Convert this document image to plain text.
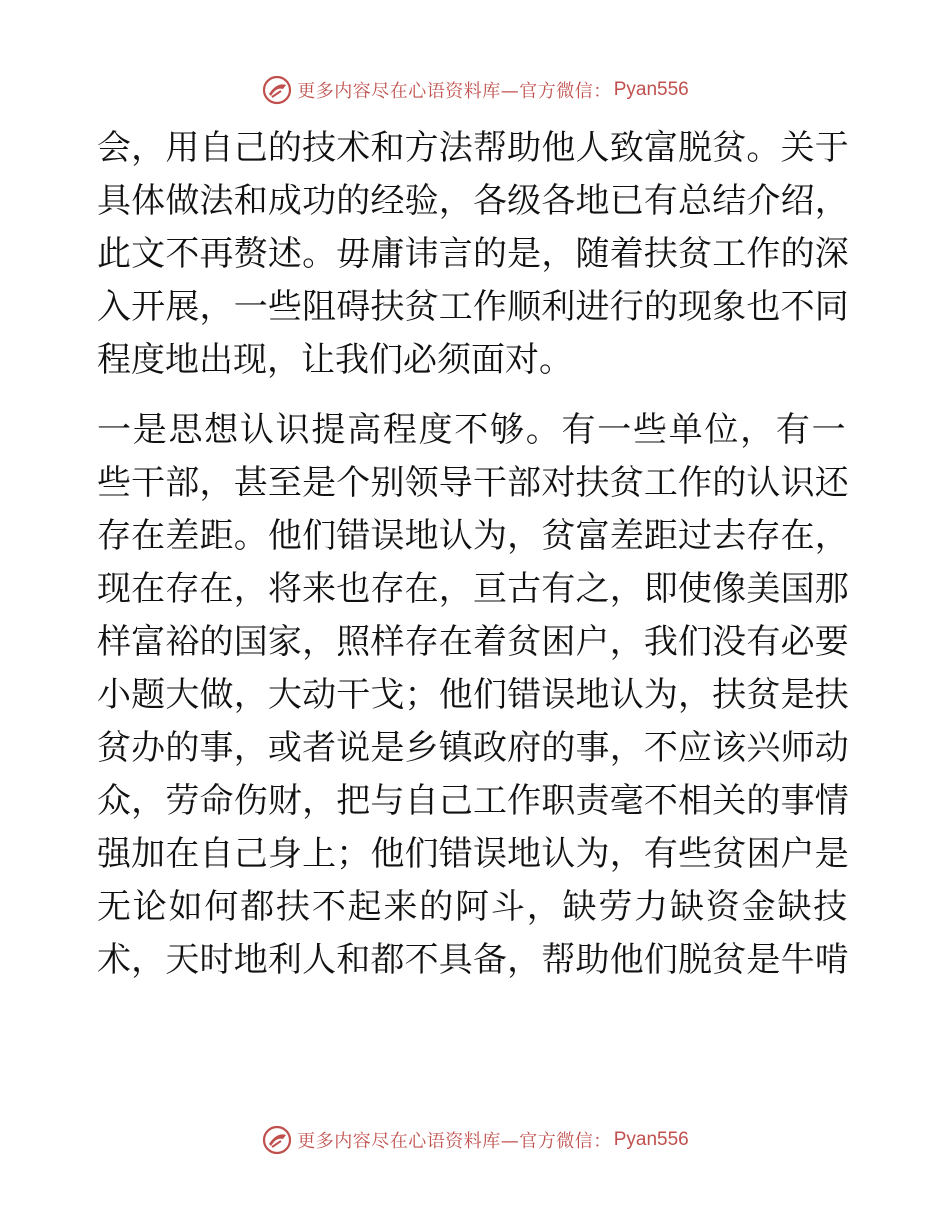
更多内容尽在心语资料库—官方微信： Pyan556
会，用自己的技术和方法帮助他人致富脱贫。关于
具体做法和成功的经验，各级各地已有总结介绍，
此文不再赘述。毋庸讳言的是，随着扶贫工作的深
入开展，一些阻碍扶贫工作顺利进行的现象也不同
程度地出现，让我们必须面对。
一是思想认识提高程度不够。有一些单位，有一
些干部，甚至是个别领导干部对扶贫工作的认识还
存在差距。他们错误地认为，贫富差距过去存在，
现在存在，将来也存在，亘古有之，即使像美国那
样富裕的国家，照样存在着贫困户，我们没有必要
小题大做，大动干戈；他们错误地认为，扶贫是扶
贫办的事，或者说是乡镇政府的事，不应该兴师动
众，劳命伤财，把与自己工作职责毫不相关的事情
强加在自己身上；他们错误地认为，有些贫困户是
无论如何都扶不起来的阿斗，缺劳力缺资金缺技
术，天时地利人和都不具备，帮助他们脱贫是牛啃
更多内容尽在心语资料库—官方微信： Pyan556
